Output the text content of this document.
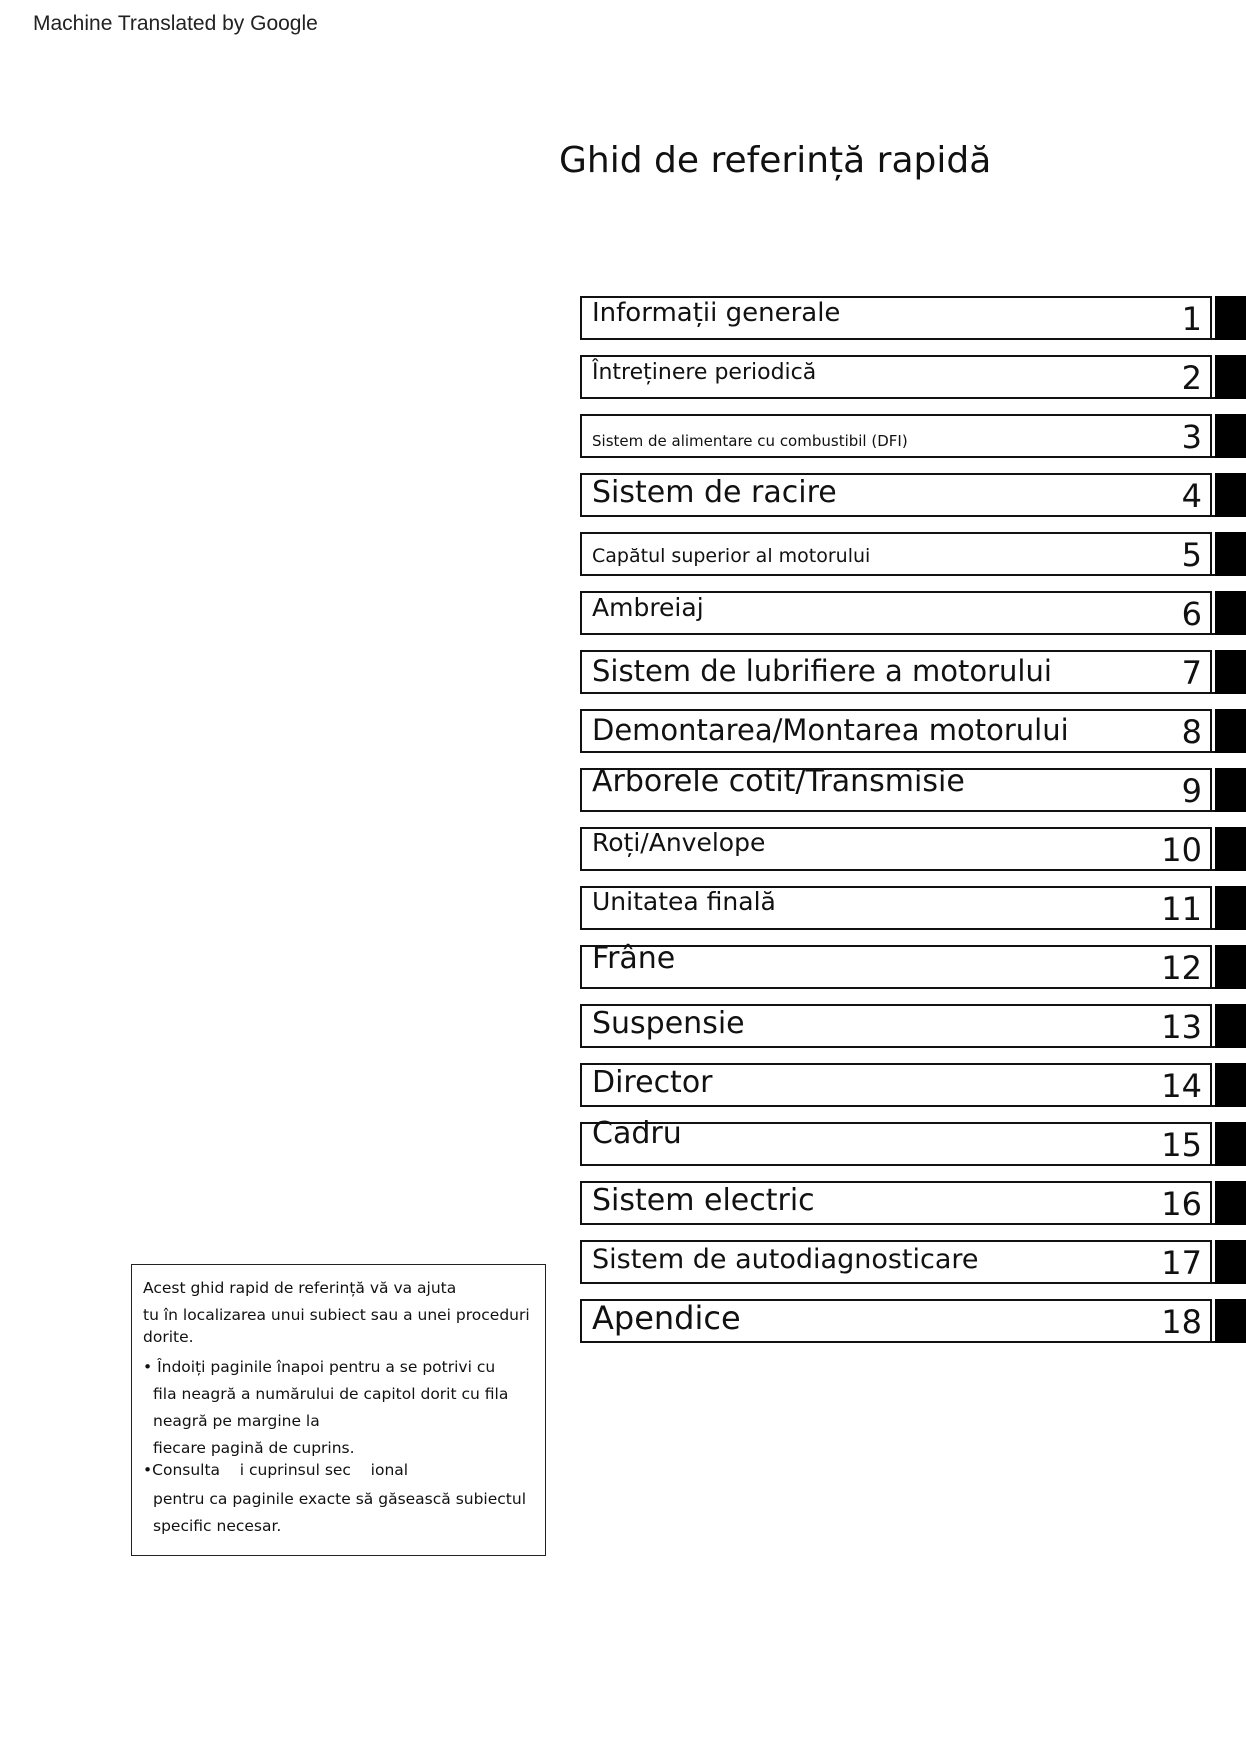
Machine Translated by Google
Ghid de referință rapidă
Informații generale	1
Întreținere periodică	2
Sistem de alimentare cu combustibil (DFI)	3
Sistem de racire	4
Capătul superior al motorului	5
Ambreiaj	6
Sistem de lubrifiere a motorului	7
Demontarea/Montarea motorului	8
Arborele cotit/Transmisie	9
Roți/Anvelope	10
Unitatea finală	11
Frâne	12
Suspensie	13
Director	14
Cadru	15
Sistem electric	16
Sistem de autodiagnosticare	17
Apendice	18

Acest ghid rapid de referință vă va ajuta

tu în localizarea unui subiect sau a unei proceduri

dorite.

• Îndoiți paginile înapoi pentru a se potrivi cu

fila neagră a numărului de capitol dorit cu fila

neagră pe margine la

fiecare pagină de cuprins.

•Consulta    i cuprinsul sec    ional

pentru ca paginile exacte să găsească subiectul

specific necesar.
